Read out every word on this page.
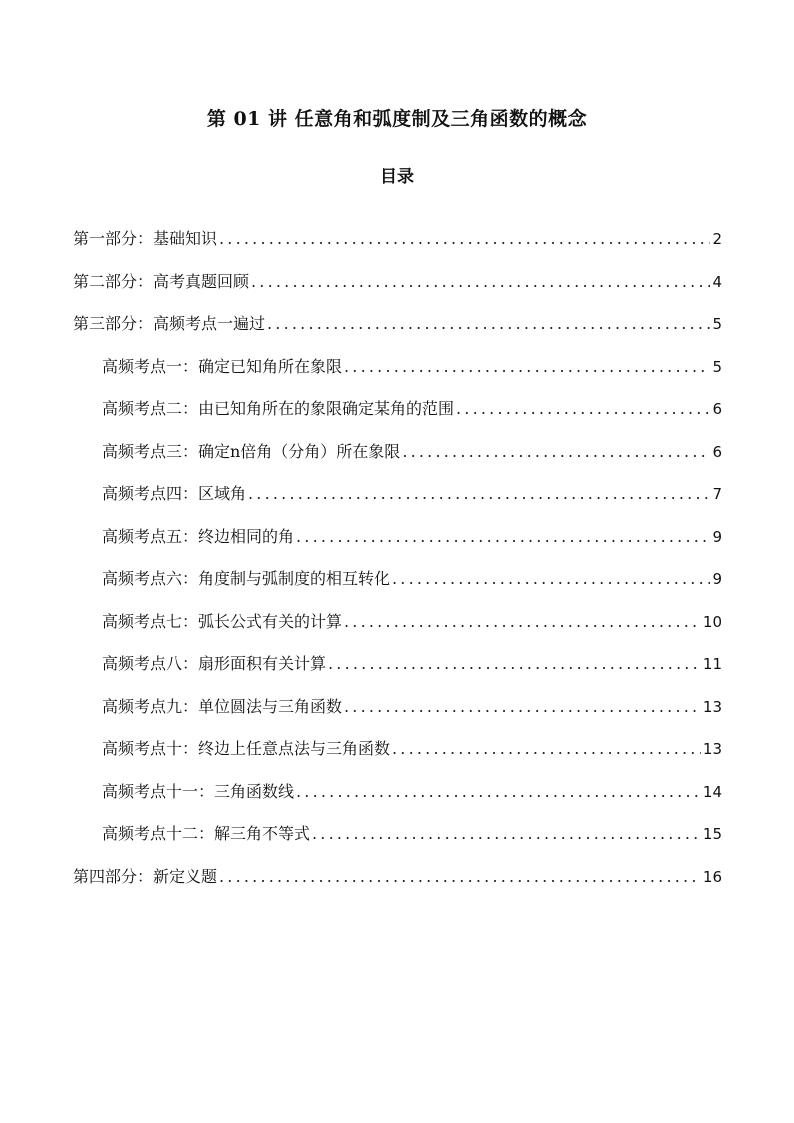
第 01 讲 任意角和弧度制及三角函数的概念
目录
第一部分：基础知识 .....	2
第二部分：高考真题回顾 .....	4
第三部分：高频考点一遍过 .....	5
高频考点一：确定已知角所在象限 .....	5
高频考点二：由已知角所在的象限确定某角的范围 .....	6
高频考点三：确定n倍角（分角）所在象限 .....	6
高频考点四：区域角 .....	7
高频考点五：终边相同的角 .....	9
高频考点六：角度制与弧制度的相互转化 .....	9
高频考点七：弧长公式有关的计算 .....	10
高频考点八：扇形面积有关计算 .....	11
高频考点九：单位圆法与三角函数 .....	13
高频考点十：终边上任意点法与三角函数 .....	13
高频考点十一：三角函数线 .....	14
高频考点十二：解三角不等式 .....	15
第四部分：新定义题 .....	16
